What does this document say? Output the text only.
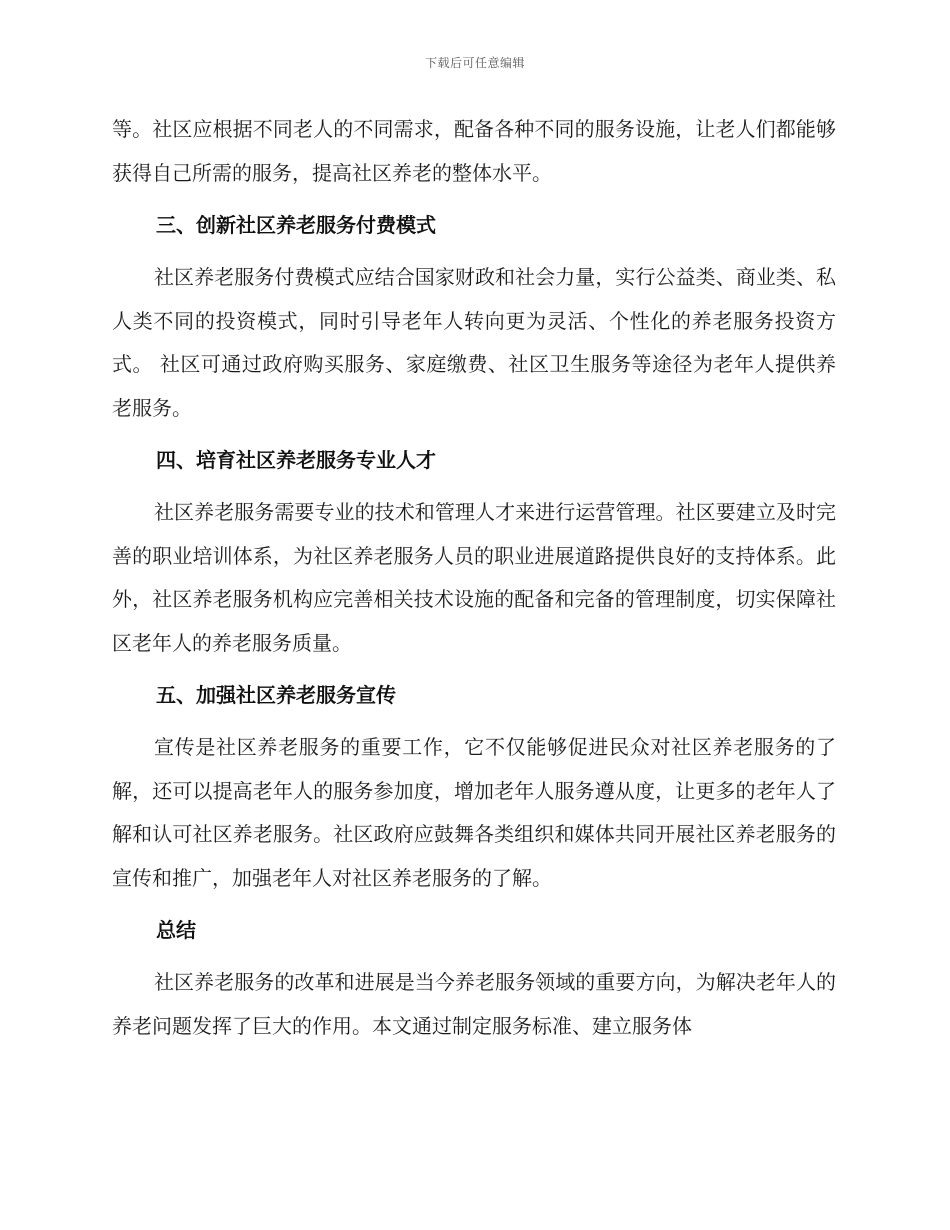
下载后可任意编辑

等。社区应根据不同老人的不同需求，配备各种不同的服务设施，让老人们都能够获得自己所需的服务，提高社区养老的整体水平。

三、创新社区养老服务付费模式

社区养老服务付费模式应结合国家财政和社会力量，实行公益类、商业类、私人类不同的投资模式，同时引导老年人转向更为灵活、个性化的养老服务投资方式。 社区可通过政府购买服务、家庭缴费、社区卫生服务等途径为老年人提供养老服务。

四、培育社区养老服务专业人才

社区养老服务需要专业的技术和管理人才来进行运营管理。社区要建立及时完善的职业培训体系，为社区养老服务人员的职业进展道路提供良好的支持体系。此外，社区养老服务机构应完善相关技术设施的配备和完备的管理制度，切实保障社区老年人的养老服务质量。

五、加强社区养老服务宣传

宣传是社区养老服务的重要工作，它不仅能够促进民众对社区养老服务的了解，还可以提高老年人的服务参加度，增加老年人服务遵从度，让更多的老年人了解和认可社区养老服务。社区政府应鼓舞各类组织和媒体共同开展社区养老服务的宣传和推广，加强老年人对社区养老服务的了解。

总结

社区养老服务的改革和进展是当今养老服务领域的重要方向，为解决老年人的养老问题发挥了巨大的作用。本文通过制定服务标准、建立服务体
